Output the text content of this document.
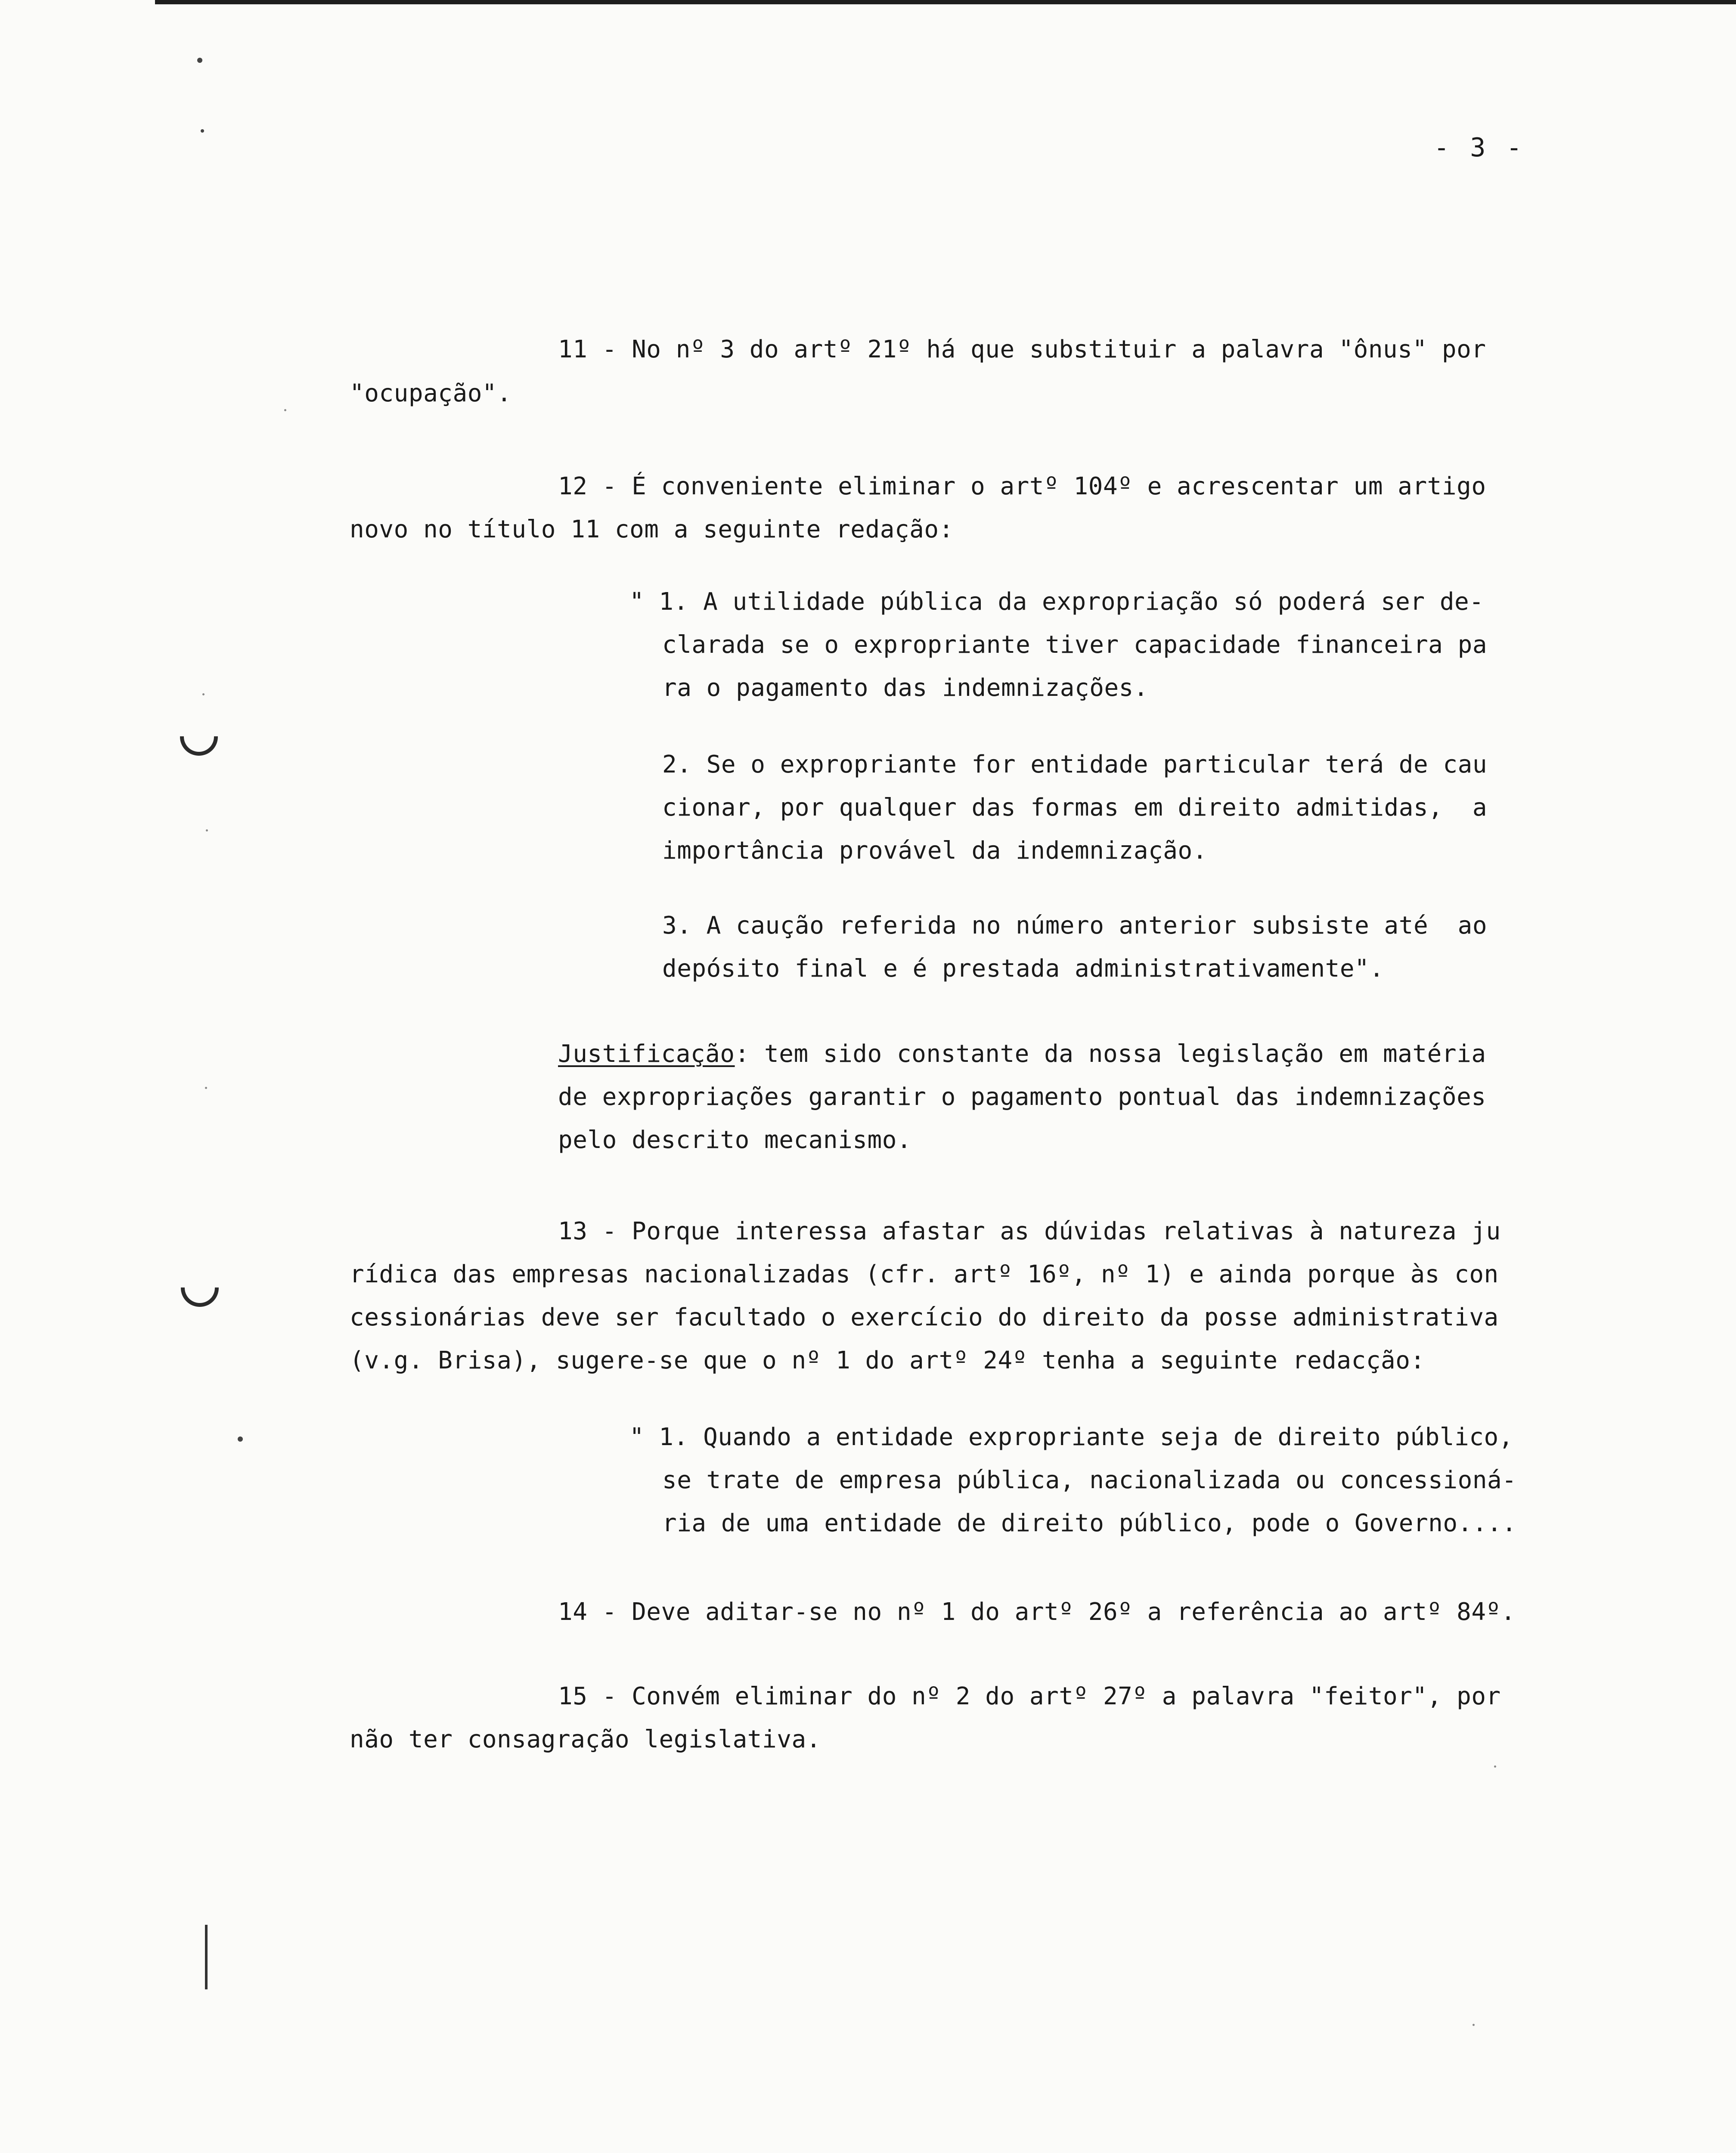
- 3 -
11 - No nº 3 do artº 21º há que substituir a palavra "ônus" por
"ocupação".
12 - É conveniente eliminar o artº 104º e acrescentar um artigo
novo no título 11 com a seguinte redação:
" 1. A utilidade pública da expropriação só poderá ser de-
clarada se o expropriante tiver capacidade financeira pa
ra o pagamento das indemnizações.
2. Se o expropriante for entidade particular terá de cau
cionar, por qualquer das formas em direito admitidas,  a
importância provável da indemnização.
3. A caução referida no número anterior subsiste até  ao
depósito final e é prestada administrativamente".
Justificação: tem sido constante da nossa legislação em matéria
de expropriações garantir o pagamento pontual das indemnizações
pelo descrito mecanismo.
13 - Porque interessa afastar as dúvidas relativas à natureza ju
rídica das empresas nacionalizadas (cfr. artº 16º, nº 1) e ainda porque às con
cessionárias deve ser facultado o exercício do direito da posse administrativa
(v.g. Brisa), sugere-se que o nº 1 do artº 24º tenha a seguinte redacção:
" 1. Quando a entidade expropriante seja de direito público,
se trate de empresa pública, nacionalizada ou concessioná-
ria de uma entidade de direito público, pode o Governo....
14 - Deve aditar-se no nº 1 do artº 26º a referência ao artº 84º.
15 - Convém eliminar do nº 2 do artº 27º a palavra "feitor", por
não ter consagração legislativa.
